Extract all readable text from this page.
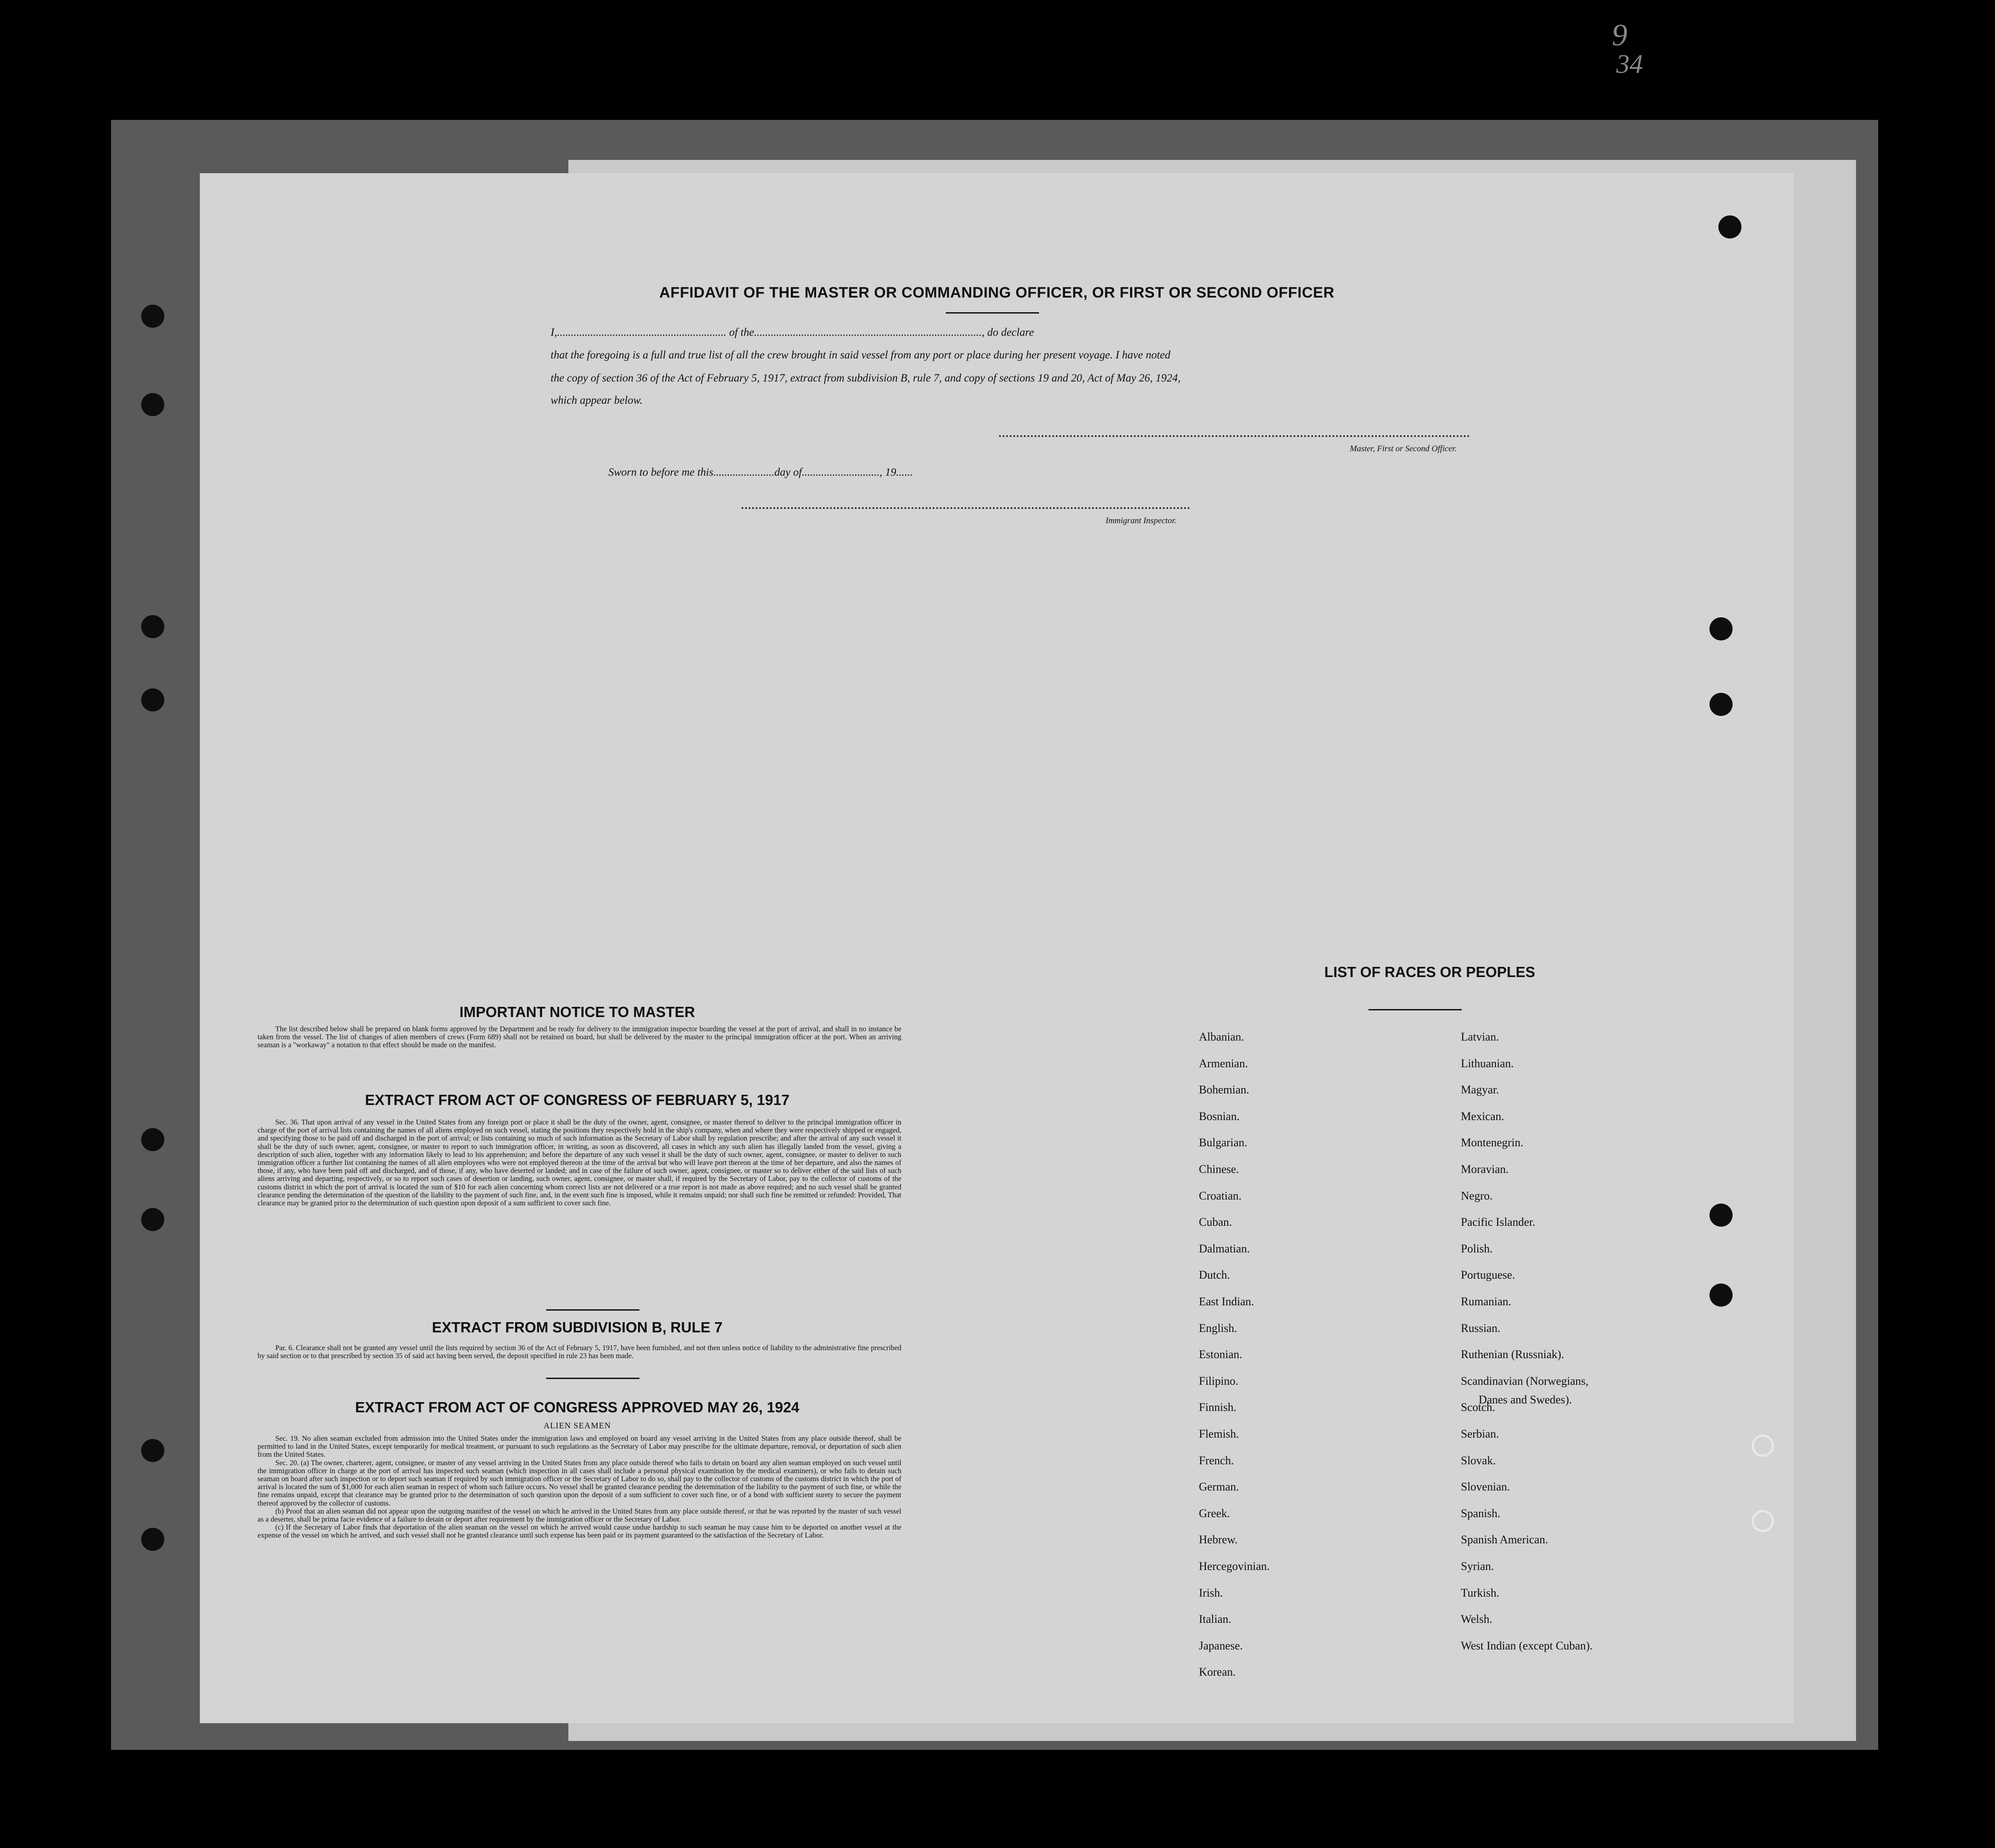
9
34
AFFIDAVIT OF THE MASTER OR COMMANDING OFFICER, OR FIRST OR SECOND OFFICER
I,............................................................. of the.................................................................................., do declare
that the foregoing is a full and true list of all the crew brought in said vessel from any port or place during her present voyage. I have noted
the copy of section 36 of the Act of February 5, 1917, extract from subdivision B, rule 7, and copy of sections 19 and 20, Act of May 26, 1924,
which appear below.
Master, First or Second Officer.
Sworn to before me this......................day of............................, 19......
Immigrant Inspector.
IMPORTANT NOTICE TO MASTER

The list described below shall be prepared on blank forms approved by the Department and be ready for delivery to the immigration inspector boarding the vessel at the port of arrival, and shall in no instance be taken from the vessel. The list of changes of alien members of crews (Form 689) shall not be retained on board, but shall be delivered by the master to the principal immigration officer at the port. When an arriving seaman is a "workaway" a notation to that effect should be made on the manifest.

EXTRACT FROM ACT OF CONGRESS OF FEBRUARY 5, 1917

Sec. 36. That upon arrival of any vessel in the United States from any foreign port or place it shall be the duty of the owner, agent, consignee, or master thereof to deliver to the principal immigration officer in charge of the port of arrival lists containing the names of all aliens employed on such vessel, stating the positions they respectively hold in the ship's company, when and where they were respectively shipped or engaged, and specifying those to be paid off and discharged in the port of arrival; or lists containing so much of such information as the Secretary of Labor shall by regulation prescribe; and after the arrival of any such vessel it shall be the duty of such owner, agent, consignee, or master to report to such immigration officer, in writing, as soon as discovered, all cases in which any such alien has illegally landed from the vessel, giving a description of such alien, together with any information likely to lead to his apprehension; and before the departure of any such vessel it shall be the duty of such owner, agent, consignee, or master to deliver to such immigration officer a further list containing the names of all alien employees who were not employed thereon at the time of the arrival but who will leave port thereon at the time of her departure, and also the names of those, if any, who have been paid off and discharged, and of those, if any, who have deserted or landed; and in case of the failure of such owner, agent, consignee, or master so to deliver either of the said lists of such aliens arriving and departing, respectively, or so to report such cases of desertion or landing, such owner, agent, consignee, or master shall, if required by the Secretary of Labor, pay to the collector of customs of the customs district in which the port of arrival is located the sum of $10 for each alien concerning whom correct lists are not delivered or a true report is not made as above required; and no such vessel shall be granted clearance pending the determination of the question of the liability to the payment of such fine, and, in the event such fine is imposed, while it remains unpaid; nor shall such fine be remitted or refunded: Provided, That clearance may be granted prior to the determination of such question upon deposit of a sum sufficient to cover such fine.

EXTRACT FROM SUBDIVISION B, RULE 7

Par. 6. Clearance shall not be granted any vessel until the lists required by section 36 of the Act of February 5, 1917, have been furnished, and not then unless notice of liability to the administrative fine prescribed by said section or to that prescribed by section 35 of said act having been served, the deposit specified in rule 23 has been made.

EXTRACT FROM ACT OF CONGRESS APPROVED MAY 26, 1924
ALIEN SEAMEN

Sec. 19. No alien seaman excluded from admission into the United States under the immigration laws and employed on board any vessel arriving in the United States from any place outside thereof, shall be permitted to land in the United States, except temporarily for medical treatment, or pursuant to such regulations as the Secretary of Labor may prescribe for the ultimate departure, removal, or deportation of such alien from the United States.

Sec. 20. (a) The owner, charterer, agent, consignee, or master of any vessel arriving in the United States from any place outside thereof who fails to detain on board any alien seaman employed on such vessel until the immigration officer in charge at the port of arrival has inspected such seaman (which inspection in all cases shall include a personal physical examination by the medical examiners), or who fails to detain such seaman on board after such inspection or to deport such seaman if required by such immigration officer or the Secretary of Labor to do so, shall pay to the collector of customs of the customs district in which the port of arrival is located the sum of $1,000 for each alien seaman in respect of whom such failure occurs. No vessel shall be granted clearance pending the determination of the liability to the payment of such fine, or while the fine remains unpaid, except that clearance may be granted prior to the determination of such question upon the deposit of a sum sufficient to cover such fine, or of a bond with sufficient surety to secure the payment thereof approved by the collector of customs.

(b) Proof that an alien seaman did not appear upon the outgoing manifest of the vessel on which he arrived in the United States from any place outside thereof, or that he was reported by the master of such vessel as a deserter, shall be prima facie evidence of a failure to detain or deport after requirement by the immigration officer or the Secretary of Labor.

(c) If the Secretary of Labor finds that deportation of the alien seaman on the vessel on which he arrived would cause undue hardship to such seaman he may cause him to be deported on another vessel at the expense of the vessel on which he arrived, and such vessel shall not be granted clearance until such expense has been paid or its payment guaranteed to the satisfaction of the Secretary of Labor.

LIST OF RACES OR PEOPLES
Albanian.
Armenian.
Bohemian.
Bosnian.
Bulgarian.
Chinese.
Croatian.
Cuban.
Dalmatian.
Dutch.
East Indian.
English.
Estonian.
Filipino.
Finnish.
Flemish.
French.
German.
Greek.
Hebrew.
Hercegovinian.
Irish.
Italian.
Japanese.
Korean.
Latvian.
Lithuanian.
Magyar.
Mexican.
Montenegrin.
Moravian.
Negro.
Pacific Islander.
Polish.
Portuguese.
Rumanian.
Russian.
Ruthenian (Russniak).
Scandinavian (Norwegians,
Danes and Swedes).
Scotch.
Serbian.
Slovak.
Slovenian.
Spanish.
Spanish American.
Syrian.
Turkish.
Welsh.
West Indian (except Cuban).
